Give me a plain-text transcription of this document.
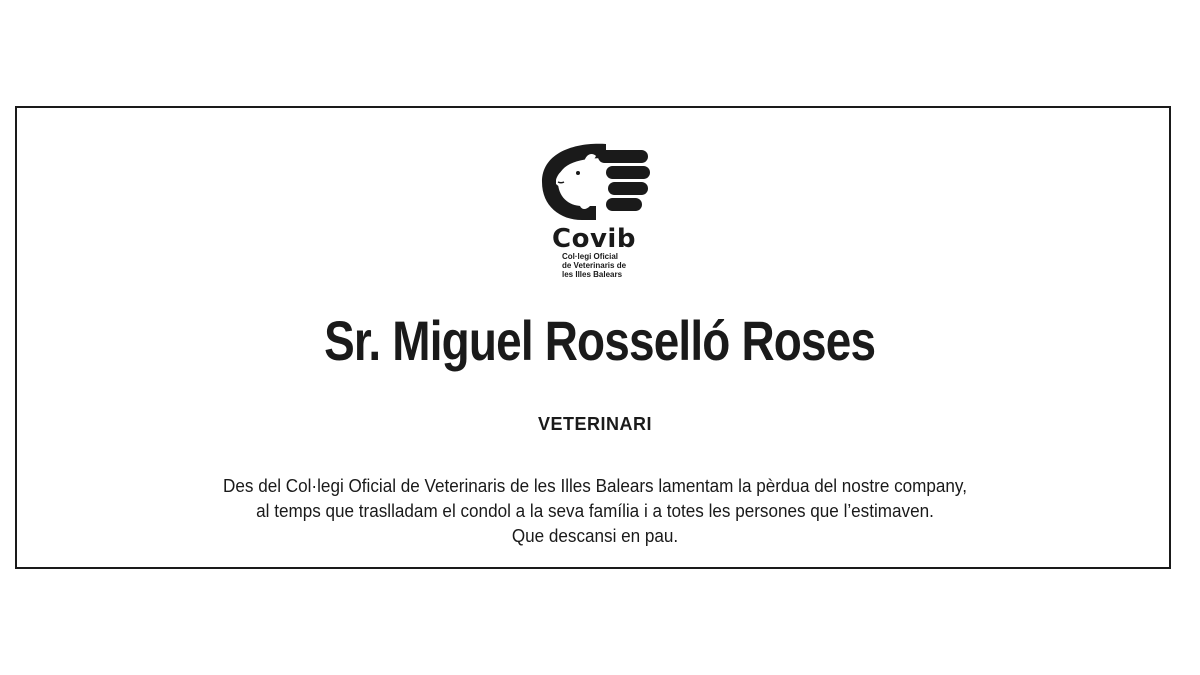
Covib
Col·legi Oficial
de Veterinaris de
les Illes Balears
Sr. Miguel Rosselló Roses
VETERINARI
Des del Col·legi Oficial de Veterinaris de les Illes Balears lamentam la pèrdua del nostre company,
al temps que traslladam el condol a la seva família i a totes les persones que l’estimaven.
Que descansi en pau.
